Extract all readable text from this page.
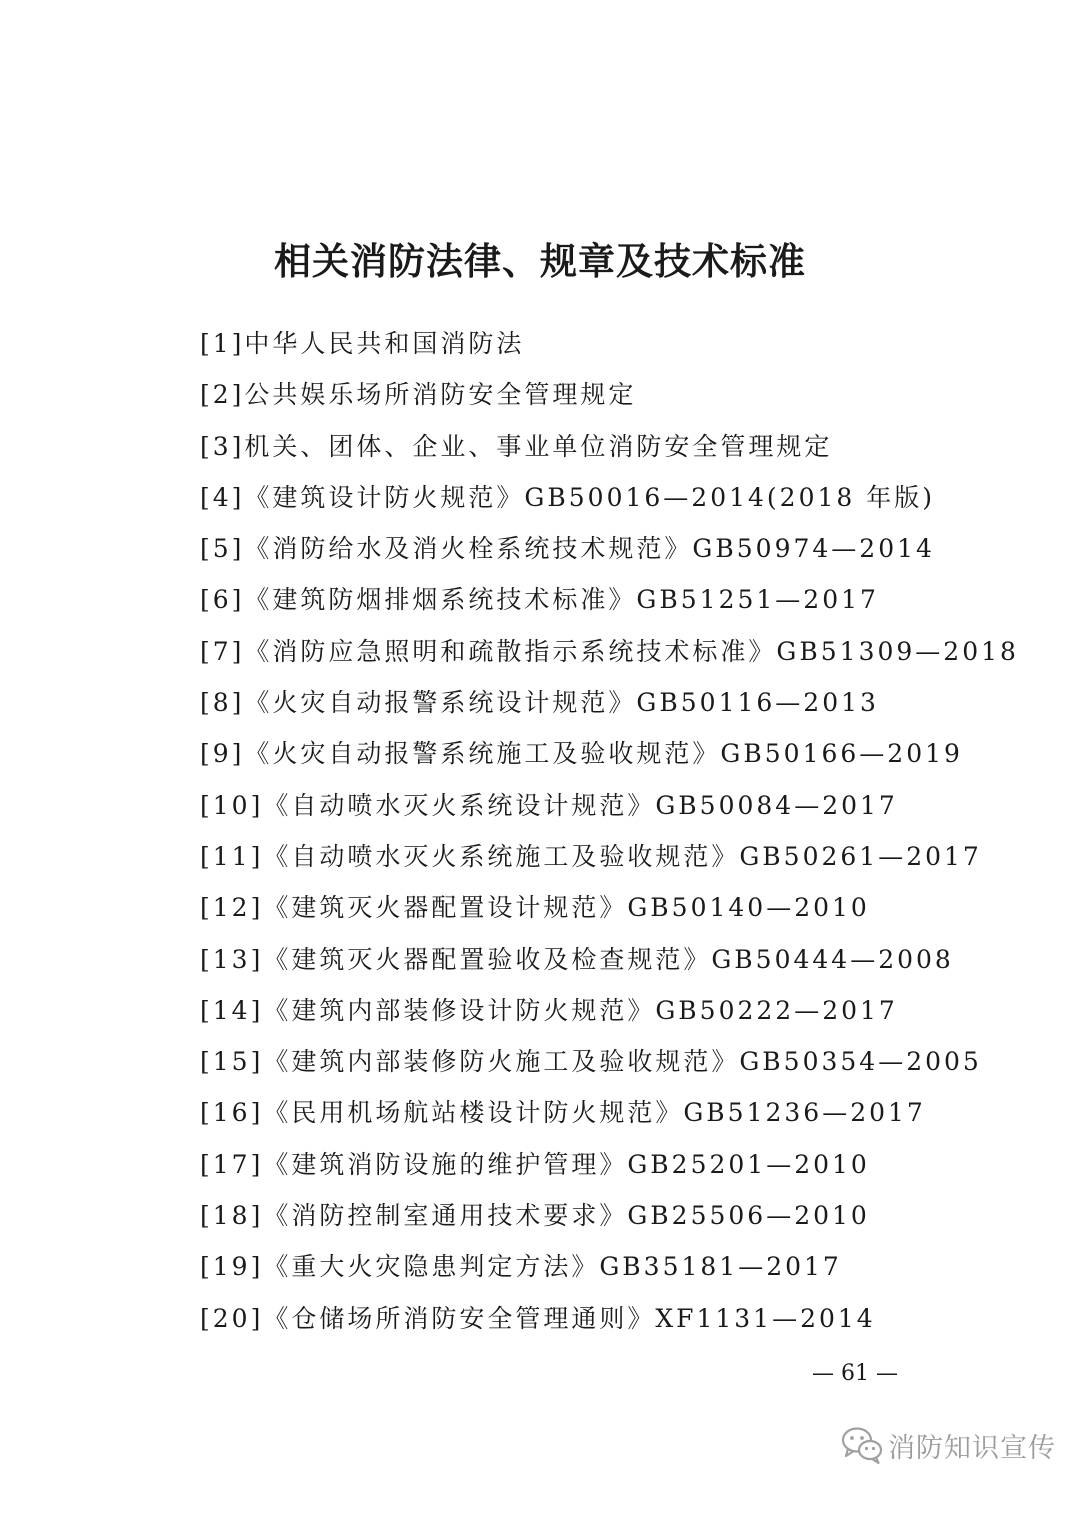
相关消防法律、规章及技术标准
[1]中华人民共和国消防法
[2]公共娱乐场所消防安全管理规定
[3]机关、团体、企业、事业单位消防安全管理规定
[4]《建筑设计防火规范》GB50016—2014(2018 年版)
[5]《消防给水及消火栓系统技术规范》GB50974—2014
[6]《建筑防烟排烟系统技术标准》GB51251—2017
[7]《消防应急照明和疏散指示系统技术标准》GB51309—2018
[8]《火灾自动报警系统设计规范》GB50116—2013
[9]《火灾自动报警系统施工及验收规范》GB50166—2019
[10]《自动喷水灭火系统设计规范》GB50084—2017
[11]《自动喷水灭火系统施工及验收规范》GB50261—2017
[12]《建筑灭火器配置设计规范》GB50140—2010
[13]《建筑灭火器配置验收及检查规范》GB50444—2008
[14]《建筑内部装修设计防火规范》GB50222—2017
[15]《建筑内部装修防火施工及验收规范》GB50354—2005
[16]《民用机场航站楼设计防火规范》GB51236—2017
[17]《建筑消防设施的维护管理》GB25201—2010
[18]《消防控制室通用技术要求》GB25506—2010
[19]《重大火灾隐患判定方法》GB35181—2017
[20]《仓储场所消防安全管理通则》XF1131—2014
— 61 —
消防知识宣传
